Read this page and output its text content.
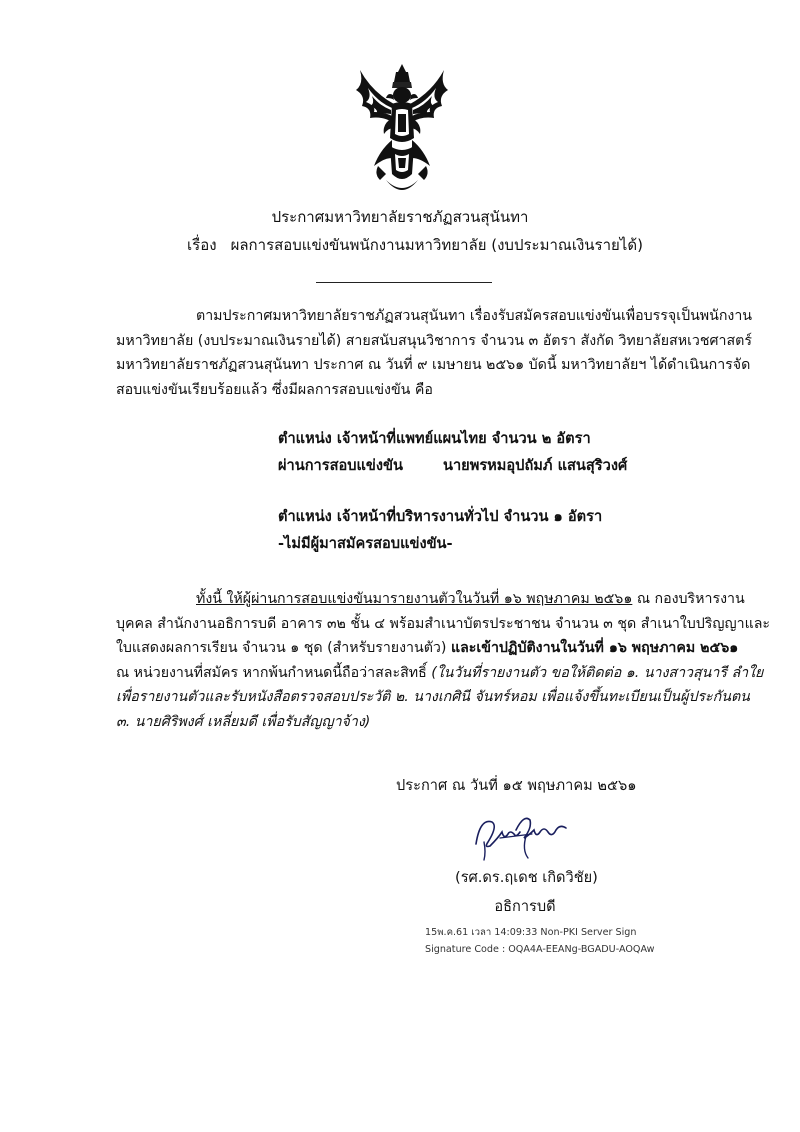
ประกาศมหาวิทยาลัยราชภัฏสวนสุนันทา
เรื่อง ผลการสอบแข่งขันพนักงานมหาวิทยาลัย (งบประมาณเงินรายได้)
ตามประกาศมหาวิทยาลัยราชภัฏสวนสุนันทา เรื่องรับสมัครสอบแข่งขันเพื่อบรรจุเป็นพนักงาน
มหาวิทยาลัย (งบประมาณเงินรายได้) สายสนับสนุนวิชาการ จำนวน ๓ อัตรา สังกัด วิทยาลัยสหเวชศาสตร์
มหาวิทยาลัยราชภัฏสวนสุนันทา ประกาศ ณ วันที่ ๙ เมษายน ๒๕๖๑ บัดนี้ มหาวิทยาลัยฯ ได้ดำเนินการจัด
สอบแข่งขันเรียบร้อยแล้ว ซึ่งมีผลการสอบแข่งขัน คือ
ตำแหน่ง เจ้าหน้าที่แพทย์แผนไทย จำนวน ๒ อัตรา
ผ่านการสอบแข่งขัน	นายพรหมอุปถัมภ์ แสนสุริวงศ์
ตำแหน่ง เจ้าหน้าที่บริหารงานทั่วไป จำนวน ๑ อัตรา
-ไม่มีผู้มาสมัครสอบแข่งขัน-
ทั้งนี้ ให้ผู้ผ่านการสอบแข่งขันมารายงานตัวในวันที่ ๑๖ พฤษภาคม ๒๕๖๑ ณ กองบริหารงาน
บุคคล สำนักงานอธิการบดี อาคาร ๓๒ ชั้น ๔ พร้อมสำเนาบัตรประชาชน จำนวน ๓ ชุด สำเนาใบปริญญาและ
ใบแสดงผลการเรียน จำนวน ๑ ชุด (สำหรับรายงานตัว) และเข้าปฏิบัติงานในวันที่ ๑๖ พฤษภาคม ๒๕๖๑
ณ หน่วยงานที่สมัคร หากพ้นกำหนดนี้ถือว่าสละสิทธิ์ (ในวันที่รายงานตัว ขอให้ติดต่อ ๑. นางสาวสุนารี ลำใย
เพื่อรายงานตัวและรับหนังสือตรวจสอบประวัติ ๒. นางเกศินี จันทร์หอม เพื่อแจ้งขึ้นทะเบียนเป็นผู้ประกันตน
๓. นายศิริพงศ์ เหลี่ยมดี เพื่อรับสัญญาจ้าง)
ประกาศ ณ วันที่ ๑๕ พฤษภาคม ๒๕๖๑
(รศ.ดร.ฤเดช เกิดวิชัย)
อธิการบดี
15พ.ค.61 เวลา 14:09:33 Non-PKI Server Sign
Signature Code : OQA4A-EEANg-BGADU-AOQAw
